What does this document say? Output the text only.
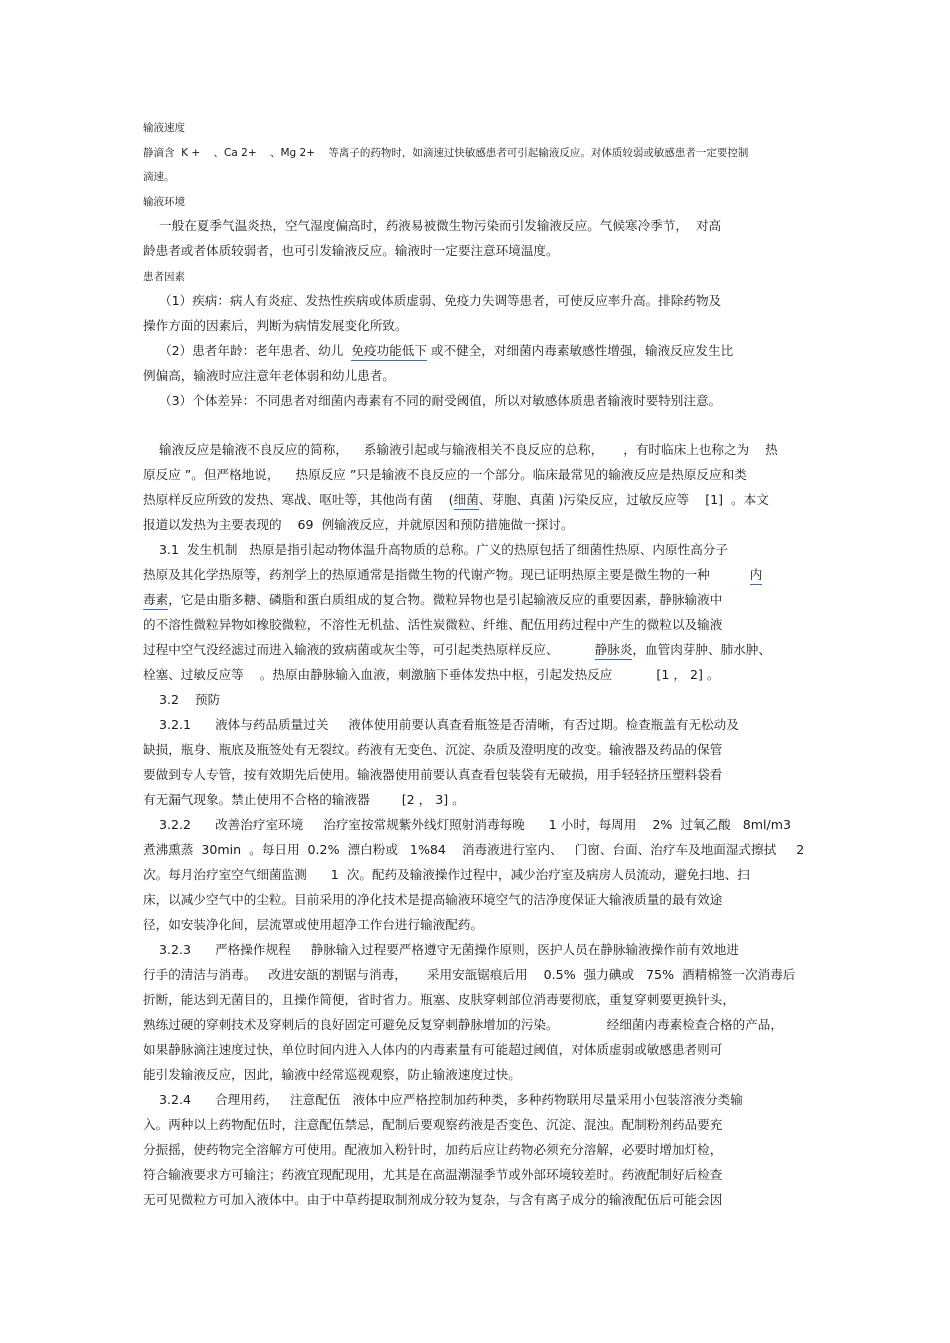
输液速度
静滴含  K +    、Ca 2+    、Mg 2+    等离子的药物时，如滴速过快敏感患者可引起输液反应。对体质较弱或敏感患者一定要控制
滴速。
输液环境
一般在夏季气温炎热，空气湿度偏高时，药液易被微生物污染而引发输液反应。气候寒冷季节，  对高
龄患者或者体质较弱者，也可引发输液反应。输液时一定要注意环境温度。
患者因素
（1）疾病：病人有炎症、发热性疾病或体质虚弱、免疫力失调等患者，可使反应率升高。排除药物及
操作方面的因素后，判断为病情发展变化所致。
（2）患者年龄：老年患者、幼儿  免疫功能低下 或不健全，对细菌内毒素敏感性增强，输液反应发生比
例偏高，输液时应注意年老体弱和幼儿患者。
（3）个体差异：不同患者对细菌内毒素有不同的耐受阈值，所以对敏感体质患者输液时要特别注意。
输液反应是输液不良反应的简称，    系输液引起或与输液相关不良反应的总称，     ，有时临床上也称之为    热
原反应 ”。但严格地说，    热原反应 ”只是输液不良反应的一个部分。临床最常见的输液反应是热原反应和类
热原样反应所致的发热、寒战、呕吐等，其他尚有菌    (细菌、芽胞、真菌 )污染反应，过敏反应等    [1]  。本文
报道以发热为主要表现的    69  例输液反应，并就原因和预防措施做一探讨。
3.1  发生机制   热原是指引起动物体温升高物质的总称。广义的热原包括了细菌性热原、内原性高分子
热原及其化学热原等，药剂学上的热原通常是指微生物的代谢产物。现已证明热原主要是微生物的一种	内
毒素，它是由脂多糖、磷脂和蛋白质组成的复合物。微粒异物也是引起输液反应的重要因素，静脉输液中
的不溶性微粒异物如橡胶微粒，不溶性无机盐、活性炭微粒、纤维、配伍用药过程中产生的微粒以及输液
过程中空气没经滤过而进入输液的致病菌或灰尘等，可引起类热原样反应、         静脉炎，血管肉芽肿、肺水肿、
栓塞、过敏反应等    。热原由静脉输入血液，刺激脑下垂体发热中枢，引起发热反应           [1 ， 2] 。
3.2    预防
3.2.1      液体与药品质量过关     液体使用前要认真查看瓶签是否清晰，有否过期。检查瓶盖有无松动及
缺损，瓶身、瓶底及瓶签处有无裂纹。药液有无变色、沉淀、杂质及澄明度的改变。输液器及药品的保管
要做到专人专管，按有效期先后使用。输液器使用前要认真查看包装袋有无破损，用手轻轻挤压塑料袋看
有无漏气现象。禁止使用不合格的输液器        [2 ， 3] 。
3.2.2      改善治疗室环境     治疗室按常规紫外线灯照射消毒每晚      1 小时，每周用    2%  过氧乙酸   8ml/m3
煮沸熏蒸  30min  。每日用  0.2%  漂白粉或   1%84    消毒液进行室内、   门窗、台面、治疗车及地面湿式擦拭     2
次。每月治疗室空气细菌监测      1  次。配药及输液操作过程中，减少治疗室及病房人员流动，避免扫地、扫
床，以减少空气中的尘粒。目前采用的净化技术是提高输液环境空气的洁净度保证大输液质量的最有效途
径，如安装净化间，层流罩或使用超净工作台进行输液配药。
3.2.3      严格操作规程     静脉输入过程要严格遵守无菌操作原则，医护人员在静脉输液操作前有效地进
行手的清洁与消毒。   改进安瓿的割锯与消毒，     采用安瓿锯痕后用    0.5%  强力碘或   75%  酒精棉签一次消毒后
折断，能达到无菌目的，且操作简便，省时省力。瓶塞、皮肤穿刺部位消毒要彻底，重复穿刺要更换针头，
熟练过硬的穿刺技术及穿刺后的良好固定可避免反复穿刺静脉增加的污染。            经细菌内毒素检查合格的产品，
如果静脉滴注速度过快，单位时间内进入人体内的内毒素量有可能超过阈值，对体质虚弱或敏感患者则可
能引发输液反应，因此，输液中经常巡视观察，防止输液速度过快。
3.2.4      合理用药，   注意配伍   液体中应严格控制加药种类，多种药物联用尽量采用小包装溶液分类输
入。两种以上药物配伍时，注意配伍禁忌，配制后要观察药液是否变色、沉淀、混浊。配制粉剂药品要充
分振摇，使药物完全溶解方可使用。配液加入粉针时，加药后应让药物必须充分溶解，必要时增加灯检，
符合输液要求方可输注；药液宜现配现用，尤其是在高温潮湿季节或外部环境较差时。药液配制好后检查
无可见微粒方可加入液体中。由于中草药提取制剂成分较为复杂，与含有离子成分的输液配伍后可能会因
